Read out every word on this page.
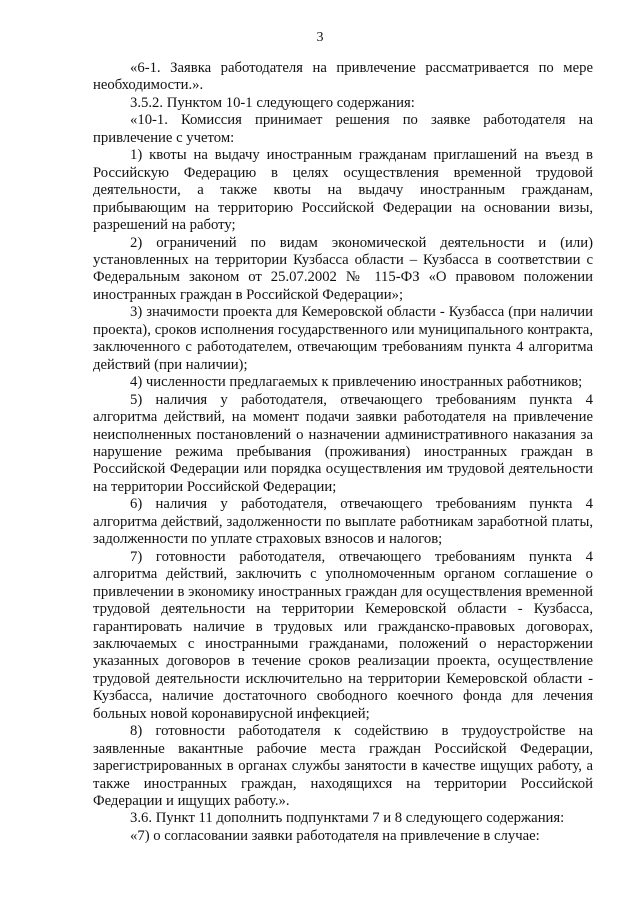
3

«6-1. Заявка работодателя на привлечение рассматривается по мере необходимости.».

3.5.2. Пунктом 10-1 следующего содержания:

«10-1. Комиссия принимает решения по заявке работодателя на привлечение с учетом:

1) квоты на выдачу иностранным гражданам приглашений на въезд в Российскую Федерацию в целях осуществления временной трудовой деятельности, а также квоты на выдачу иностранным гражданам, прибывающим на территорию Российской Федерации на основании визы, разрешений на работу;

2) ограничений по видам экономической деятельности и (или) установленных на территории Кузбасса области – Кузбасса в соответствии с Федеральным законом от 25.07.2002 № 115-ФЗ «О правовом положении иностранных граждан в Российской Федерации»;

3) значимости проекта для Кемеровской области - Кузбасса (при наличии проекта), сроков исполнения государственного или муниципального контракта, заключенного с работодателем, отвечающим требованиям пункта 4 алгоритма действий (при наличии);

4) численности предлагаемых к привлечению иностранных работников;

5) наличия у работодателя, отвечающего требованиям пункта 4 алгоритма действий, на момент подачи заявки работодателя на привлечение неисполненных постановлений о назначении административного наказания за нарушение режима пребывания (проживания) иностранных граждан в Российской Федерации или порядка осуществления им трудовой деятельности на территории Российской Федерации;

6) наличия у работодателя, отвечающего требованиям пункта 4 алгоритма действий, задолженности по выплате работникам заработной платы, задолженности по уплате страховых взносов и налогов;

7) готовности работодателя, отвечающего требованиям пункта 4 алгоритма действий, заключить с уполномоченным органом соглашение о привлечении в экономику иностранных граждан для осуществления временной трудовой деятельности на территории Кемеровской области - Кузбасса, гарантировать наличие в трудовых или гражданско-правовых договорах, заключаемых с иностранными гражданами, положений о нерасторжении указанных договоров в течение сроков реализации проекта, осуществление трудовой деятельности исключительно на территории Кемеровской области - Кузбасса, наличие достаточного свободного коечного фонда для лечения больных новой коронавирусной инфекцией;

8) готовности работодателя к содействию в трудоустройстве на заявленные вакантные рабочие места граждан Российской Федерации, зарегистрированных в органах службы занятости в качестве ищущих работу, а также иностранных граждан, находящихся на территории Российской Федерации и ищущих работу.».

3.6. Пункт 11 дополнить подпунктами 7 и 8 следующего содержания:

«7) о согласовании заявки работодателя на привлечение в случае:
